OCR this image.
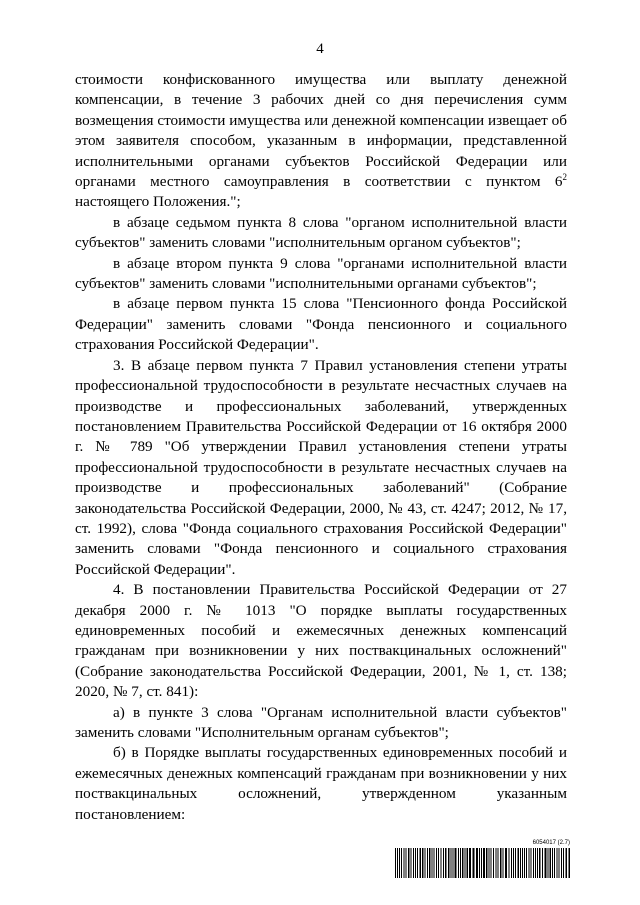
4

стоимости конфискованного имущества или выплату денежной компенсации, в течение 3 рабочих дней со дня перечисления сумм возмещения стоимости имущества или денежной компенсации извещает об этом заявителя способом, указанным в информации, представленной исполнительными органами субъектов Российской Федерации или органами местного самоуправления в соответствии с пунктом $6^2$ настоящего Положения.";

в абзаце седьмом пункта 8 слова "органом исполнительной власти субъектов" заменить словами "исполнительным органом субъектов";

в абзаце втором пункта 9 слова "органами исполнительной власти субъектов" заменить словами "исполнительными органами субъектов";

в абзаце первом пункта 15 слова "Пенсионного фонда Российской Федерации" заменить словами "Фонда пенсионного и социального страхования Российской Федерации".

3. В абзаце первом пункта 7 Правил установления степени утраты профессиональной трудоспособности в результате несчастных случаев на производстве и профессиональных заболеваний, утвержденных постановлением Правительства Российской Федерации от 16 октября 2000 г. № 789 "Об утверждении Правил установления степени утраты профессиональной трудоспособности в результате несчастных случаев на производстве и профессиональных заболеваний" (Собрание законодательства Российской Федерации, 2000, № 43, ст. 4247; 2012, № 17, ст. 1992), слова "Фонда социального страхования Российской Федерации" заменить словами "Фонда пенсионного и социального страхования Российской Федерации".

4. В постановлении Правительства Российской Федерации от 27 декабря 2000 г. № 1013 "О порядке выплаты государственных единовременных пособий и ежемесячных денежных компенсаций гражданам при возникновении у них поствакцинальных осложнений" (Собрание законодательства Российской Федерации, 2001, № 1, ст. 138; 2020, № 7, ст. 841):

а) в пункте 3 слова "Органам исполнительной власти субъектов" заменить словами "Исполнительным органам субъектов";

б) в Порядке выплаты государственных единовременных пособий и ежемесячных денежных компенсаций гражданам при возникновении у них поствакцинальных осложнений, утвержденном указанным постановлением:

6054017 (2.7)
